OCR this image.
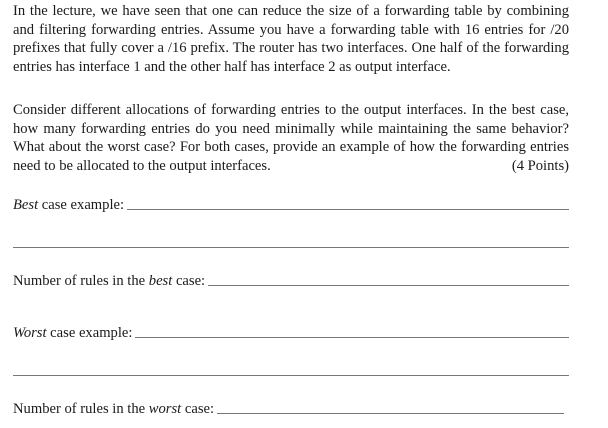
In the lecture, we have seen that one can reduce the size of a forwarding table by combining and filtering forwarding entries. Assume you have a forwarding table with 16 entries for /20 prefixes that fully cover a /16 prefix. The router has two interfaces. One half of the forwarding entries has interface 1 and the other half has interface 2 as output interface.

Consider different allocations of forwarding entries to the output interfaces. In the best case, how many forwarding entries do you need minimally while maintaining the same behavior? What about the worst case? For both cases, provide an example of how the forwarding entries need to be allocated to the output interfaces.	(4 Points)

Best case example:
Number of rules in the best case:
Worst case example:
Number of rules in the worst case:
